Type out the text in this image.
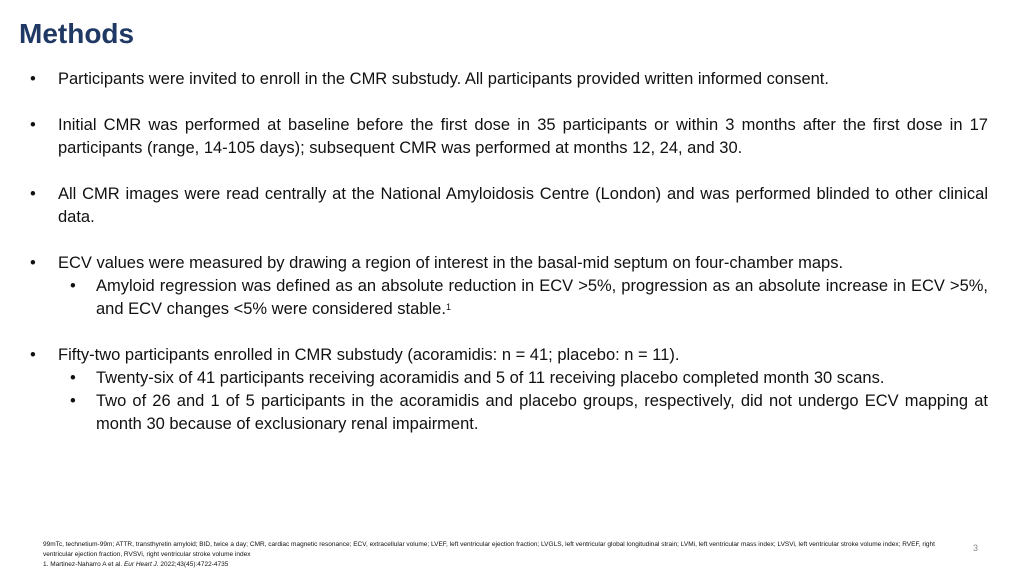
Methods
• Participants were invited to enroll in the CMR substudy. All participants provided written informed consent.
• Initial CMR was performed at baseline before the first dose in 35 participants or within 3 months after the first dose in 17 participants (range, 14-105 days); subsequent CMR was performed at months 12, 24, and 30.
• All CMR images were read centrally at the National Amyloidosis Centre (London) and was performed blinded to other clinical data.
• ECV values were measured by drawing a region of interest in the basal-mid septum on four-chamber maps.
• Amyloid regression was defined as an absolute reduction in ECV >5%, progression as an absolute increase in ECV >5%, and ECV changes <5% were considered stable.$^1$
• Fifty-two participants enrolled in CMR substudy (acoramidis: n = 41; placebo: n = 11).
• Twenty-six of 41 participants receiving acoramidis and 5 of 11 receiving placebo completed month 30 scans.
• Two of 26 and 1 of 5 participants in the acoramidis and placebo groups, respectively, did not undergo ECV mapping at month 30 because of exclusionary renal impairment.
99mTc, technetium-99m; ATTR, transthyretin amyloid; BID, twice a day; CMR, cardiac magnetic resonance; ECV, extracellular volume; LVEF, left ventricular ejection fraction; LVGLS, left ventricular global longitudinal strain; LVMi, left ventricular mass index; LVSVi, left ventricular stroke volume index; RVEF, right ventricular ejection fraction, RVSVi, right ventricular stroke volume index
1. Martinez-Naharro A et al. Eur Heart J. 2022;43(45):4722-4735
3
